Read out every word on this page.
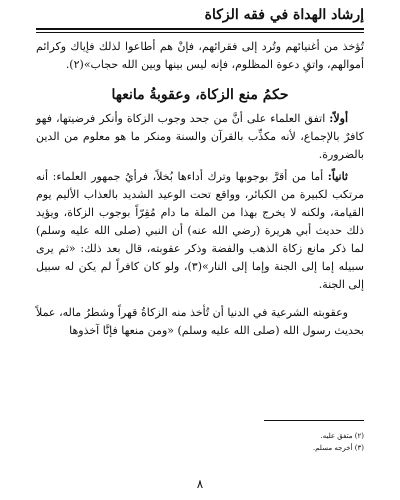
إرشاد الهداة في فقه الزكاة

تُؤخذ من أغنيائهم وتُرد إلى فقرائهم، فإنْ هم أطاعوا لذلك فإياك وكرائم أموالهم، واتقِ دعوة المظلوم، فإنه ليس بينها وبين الله حجاب»(٢).

حكمُ منع الزكاة، وعقوبةُ مانعها

أولاً: اتفق العلماء على أنَّ من جحد وجوب الزكاة وأنكر فرضيتها، فهو كافرٌ بالإجماع، لأنه مكذِّب بالقرآن والسنة ومنكر ما هو معلوم من الدين بالضرورة.

ثانياً: أما من أقرَّ بوجوبها وترك أداءها بُخلاً، فرأيُ جمهور العلماء: أنه مرتكب لكبيرة من الكبائر، وواقع تحت الوعيد الشديد بالعذاب الأليم يوم القيامة، ولكنه لا يخرج بهذا من الملة ما دام مُقِرّاً بوجوب الزكاة، ويؤيد ذلك حديث أبي هريرة (رضي الله عنه) أن النبي (صلى الله عليه وسلم) لما ذكر مانع زكاة الذهب والفضة وذكر عقوبته، قال بعد ذلك: «ثم يرى سبيله إما إلى الجنة وإما إلى النار»(٣)، ولو كان كافراً لم يكن له سبيل إلى الجنة.

وعقوبته الشرعية في الدنيا أن تُأخذ منه الزكاةُ قهراً وشطرُ ماله، عملاً بحديث رسول الله (صلى الله عليه وسلم) «ومن منعها فإنَّا آخذوها

(٢) متفق عليه.
(٣) أخرجه مسلم.
٨
